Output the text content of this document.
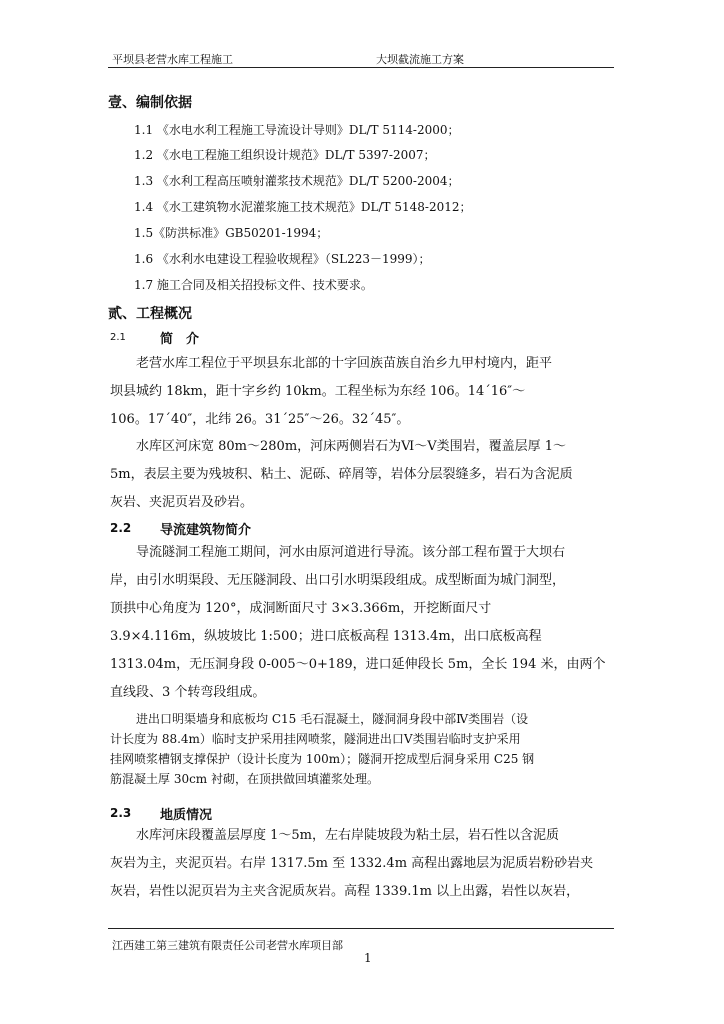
平坝县老营水库工程施工	大坝截流施工方案
壹、编制依据
1.1 《水电水利工程施工导流设计导则》DL/T 5114-2000；
1.2 《水电工程施工组织设计规范》DL/T 5397-2007；
1.3 《水利工程高压喷射灌浆技术规范》DL/T 5200-2004；
1.4 《水工建筑物水泥灌浆施工技术规范》DL/T 5148-2012；
1.5《防洪标准》GB50201-1994；
1.6 《水利水电建设工程验收规程》（SL223－1999）；
1.7 施工合同及相关招投标文件、技术要求。
贰、工程概况
2.1	简　介
老营水库工程位于平坝县东北部的十字回族苗族自治乡九甲村境内，距平
坝县城约 18km，距十字乡约 10km。工程坐标为东经 106。14´16″～
106。17´40″，北纬 26。31´25″～26。32´45″。
水库区河床宽 80m～280m，河床两侧岩石为Ⅵ～Ⅴ类围岩，覆盖层厚 1～
5m，表层主要为残坡积、粘土、泥砾、碎屑等，岩体分层裂缝多，岩石为含泥质
灰岩、夹泥页岩及砂岩。
2.2 导流建筑物简介
导流隧洞工程施工期间，河水由原河道进行导流。该分部工程布置于大坝右
岸，由引水明渠段、无压隧洞段、出口引水明渠段组成。成型断面为城门洞型，
顶拱中心角度为 120°，成洞断面尺寸 3×3.366m，开挖断面尺寸
3.9×4.116m，纵坡坡比 1:500；进口底板高程 1313.4m，出口底板高程
1313.04m，无压洞身段 0-005～0+189，进口延伸段长 5m，全长 194 米，由两个
直线段、3 个转弯段组成。
进出口明渠墙身和底板均 C15 毛石混凝土，隧洞洞身段中部Ⅳ类围岩（设
计长度为 88.4m）临时支护采用挂网喷浆，隧洞进出口Ⅴ类围岩临时支护采用
挂网喷浆槽钢支撑保护（设计长度为 100m）；隧洞开挖成型后洞身采用 C25 钢
筋混凝土厚 30cm 衬砌，在顶拱做回填灌浆处理。
2.3 地质情况
水库河床段覆盖层厚度 1～5m，左右岸陡坡段为粘土层，岩石性以含泥质
灰岩为主，夹泥页岩。右岸 1317.5m 至 1332.4m 高程出露地层为泥质岩粉砂岩夹
灰岩，岩性以泥页岩为主夹含泥质灰岩。高程 1339.1m 以上出露，岩性以灰岩，
江西建工第三建筑有限责任公司老营水库项目部
1
